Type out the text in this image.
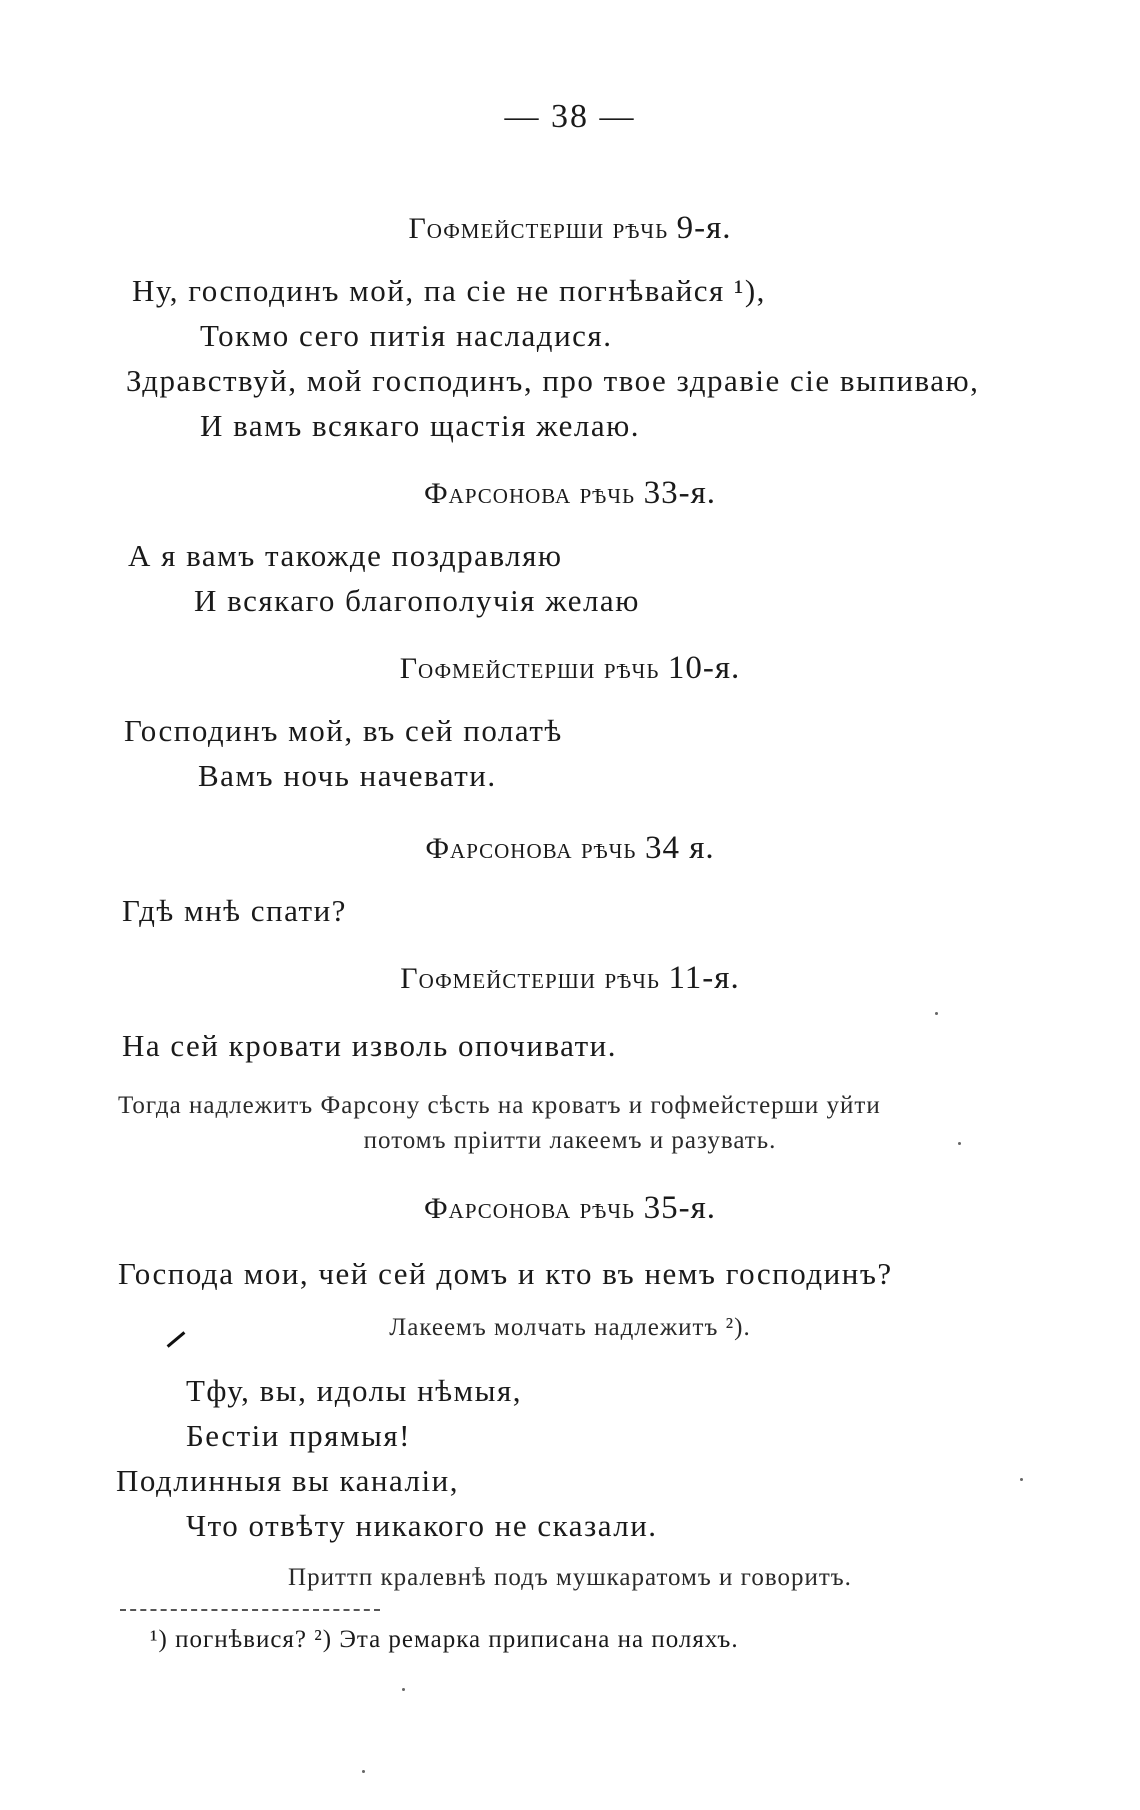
— 38 —
Гофмейстерши рѣчь 9-я.
Ну, господинъ мой, па сіе не погнѣвайся ¹),
Токмо сего питія насладися.
Здравствуй, мой господинъ, про твое здравіе сіе выпиваю,
И вамъ всякаго щастія желаю.
Фарсонова рѣчь 33-я.
А я вамъ такожде поздравляю
И всякаго благополучія желаю
Гофмейстерши рѣчь 10-я.
Господинъ мой, въ сей полатѣ
Вамъ ночь начевати.
Фарсонова рѣчь 34 я.
Гдѣ мнѣ спати?
Гофмейстерши рѣчь 11-я.
На сей кровати изволь опочивати.
Тогда надлежитъ Фарсону сѣсть на кроватъ и гофмейстерши уйти
потомъ пріитти лакеемъ и разувать.
Фарсонова рѣчь 35-я.
Господа мои, чей сей домъ и кто въ немъ господинъ?
Лакеемъ молчать надлежитъ ²).
Тфу, вы, идолы нѣмыя,
Бестіи прямыя!
Подлинныя вы каналіи,
Что отвѣту никакого не сказали.
Приттп кралевнѣ подъ мушкаратомъ и говоритъ.
¹) погнѣвися? ²) Эта ремарка приписана на поляхъ.
